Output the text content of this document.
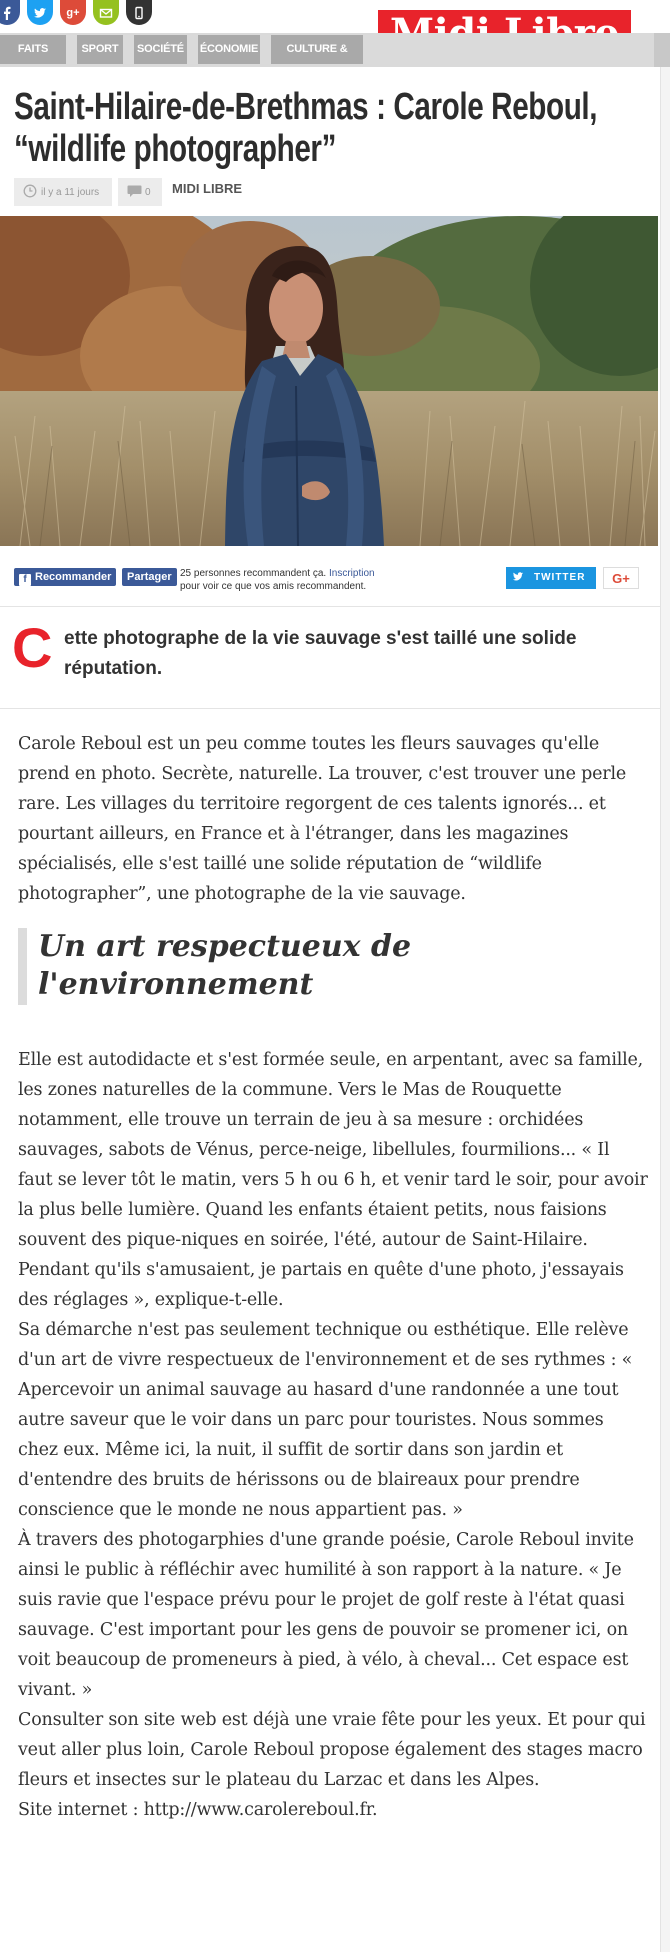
g+
FAITS DIVERS
SPORT	SOCIÉTÉ ÉCONOMIE	CULTURE & LOISIRS
Saint-Hilaire-de-Brethmas : Carole Reboul, “wildlife photographer”
il y a 11 jours	0 MIDI LIBRE
f Recommander	Partager 25 personnes recommandent ça. Inscription
pour voir ce que vos amis recommandent.
TWITTER	G+
C ette photographe de la vie sauvage s'est taillé une solide réputation.

Carole Reboul est un peu comme toutes les fleurs sauvages qu'elle prend en photo. Secrète, naturelle. La trouver, c'est trouver une perle rare. Les villages du territoire regorgent de ces talents ignorés... et pourtant ailleurs, en France et à l'étranger, dans les magazines spécialisés, elle s'est taillé une solide réputation de “wildlife photographer”, une photographe de la vie sauvage.

Un art respectueux de l'environnement

Elle est autodidacte et s'est formée seule, en arpentant, avec sa famille, les zones naturelles de la commune. Vers le Mas de Rouquette notamment, elle trouve un terrain de jeu à sa mesure : orchidées sauvages, sabots de Vénus, perce-neige, libellules, fourmilions... « Il faut se lever tôt le matin, vers 5 h ou 6 h, et venir tard le soir, pour avoir la plus belle lumière. Quand les enfants étaient petits, nous faisions souvent des pique-niques en soirée, l'été, autour de Saint-Hilaire. Pendant qu'ils s'amusaient, je partais en quête d'une photo, j'essayais des réglages », explique-t-elle.

Sa démarche n'est pas seulement technique ou esthétique. Elle relève d'un art de vivre respectueux de l'environnement et de ses rythmes : « Apercevoir un animal sauvage au hasard d'une randonnée a une tout autre saveur que le voir dans un parc pour touristes. Nous sommes chez eux. Même ici, la nuit, il suffit de sortir dans son jardin et d'entendre des bruits de hérissons ou de blaireaux pour prendre conscience que le monde ne nous appartient pas. »

À travers des photogarphies d'une grande poésie, Carole Reboul invite ainsi le public à réfléchir avec humilité à son rapport à la nature. « Je suis ravie que l'espace prévu pour le projet de golf reste à l'état quasi sauvage. C'est important pour les gens de pouvoir se promener ici, on voit beaucoup de promeneurs à pied, à vélo, à cheval... Cet espace est vivant. »

Consulter son site web est déjà une vraie fête pour les yeux. Et pour qui veut aller plus loin, Carole Reboul propose également des stages macro fleurs et insectes sur le plateau du Larzac et dans les Alpes.

Site internet : http://www.carolereboul.fr.
